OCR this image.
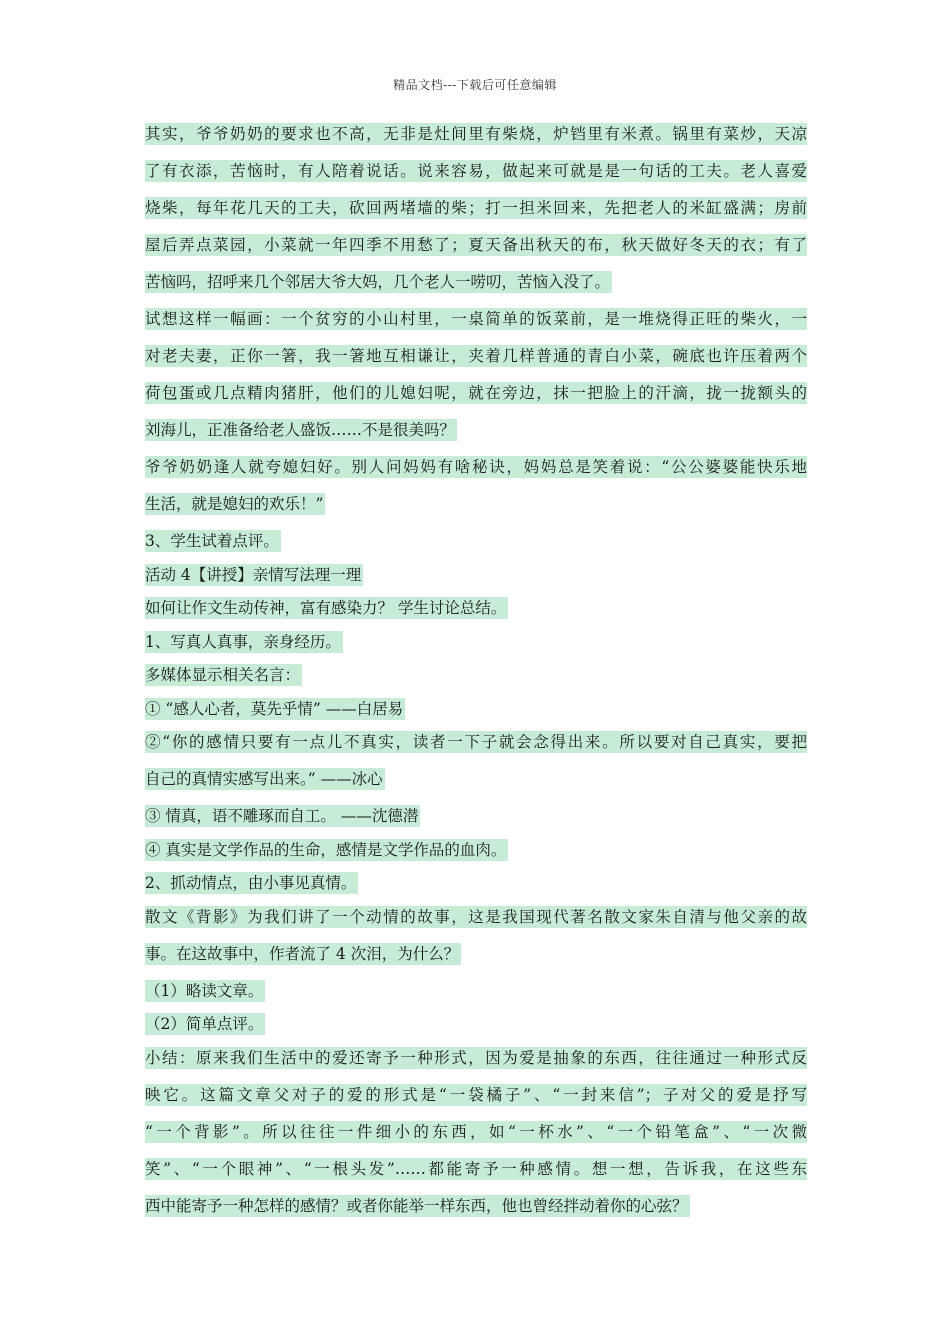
精品文档---下载后可任意编辑
其实，爷爷奶奶的要求也不高，无非是灶间里有柴烧，炉铛里有米煮。锅里有菜炒，天凉
了有衣添，苦恼时，有人陪着说话。说来容易，做起来可就是是一句话的工夫。老人喜爱
烧柴，每年花几天的工夫，砍回两堵墙的柴；打一担米回来，先把老人的米缸盛满；房前
屋后弄点菜园，小菜就一年四季不用愁了；夏天备出秋天的布，秋天做好冬天的衣；有了
苦恼吗，招呼来几个邻居大爷大妈，几个老人一唠叨，苦恼入没了。
试想这样一幅画：一个贫穷的小山村里，一桌简单的饭菜前，是一堆烧得正旺的柴火，一
对老夫妻，正你一箸，我一箸地互相谦让，夹着几样普通的青白小菜，碗底也许压着两个
荷包蛋或几点精肉猪肝，他们的儿媳妇呢，就在旁边，抹一把脸上的汗滴，拢一拢额头的
刘海儿，正准备给老人盛饭……不是很美吗？
爷爷奶奶逢人就夸媳妇好。别人问妈妈有啥秘诀，妈妈总是笑着说：“公公婆婆能快乐地
生活，就是媳妇的欢乐！”
3、学生试着点评。
活动 4【讲授】亲情写法理一理
如何让作文生动传神，富有感染力？ 学生讨论总结。
1、写真人真事，亲身经历。
多媒体显示相关名言：
① “感人心者，莫先乎情” ——白居易
②“你的感情只要有一点儿不真实，读者一下子就会念得出来。所以要对自己真实，要把
自己的真情实感写出来。” ——冰心
③ 情真，语不雕琢而自工。 ——沈德潜
④ 真实是文学作品的生命，感情是文学作品的血肉。
2、抓动情点，由小事见真情。
散文《背影》为我们讲了一个动情的故事，这是我国现代著名散文家朱自清与他父亲的故
事。在这故事中，作者流了 4 次泪，为什么？
（1）略读文章。
（2）简单点评。
小结：原来我们生活中的爱还寄予一种形式，因为爱是抽象的东西，往往通过一种形式反
映它。这篇文章父对子的爱的形式是“一袋橘子”、“一封来信”；子对父的爱是抒写
“一个背影”。所以往往一件细小的东西，如“一杯水”、“一个铅笔盒”、“一次微
笑”、“一个眼神”、“一根头发”……都能寄予一种感情。想一想，告诉我，在这些东
西中能寄予一种怎样的感情？或者你能举一样东西，他也曾经拌动着你的心弦？
